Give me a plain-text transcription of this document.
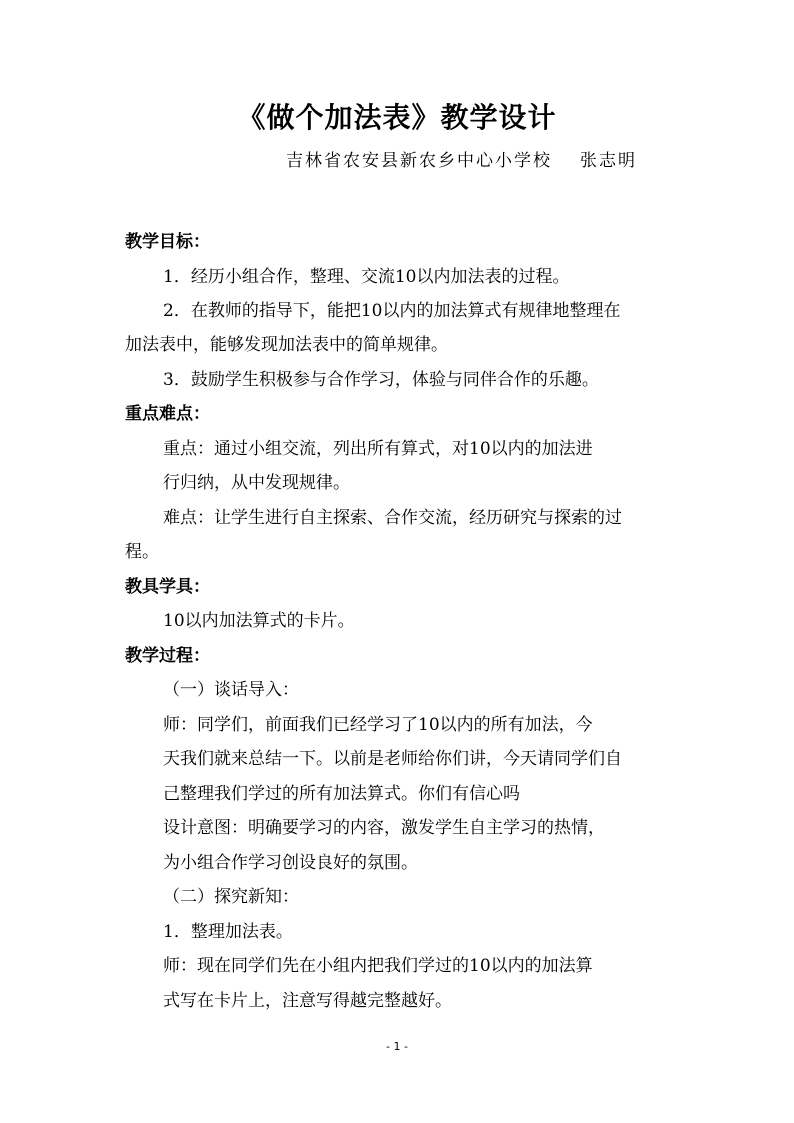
《做个加法表》教学设计
吉林省农安县新农乡中心小学校 张志明
教学目标：
1．经历小组合作，整理、交流10以内加法表的过程。
2．在教师的指导下，能把10以内的加法算式有规律地整理在
加法表中，能够发现加法表中的简单规律。
3．鼓励学生积极参与合作学习，体验与同伴合作的乐趣。
重点难点：
重点：通过小组交流，列出所有算式，对10以内的加法进
行归纳，从中发现规律。
难点：让学生进行自主探索、合作交流，经历研究与探索的过
程。
教具学具：
10以内加法算式的卡片。
教学过程：
（一）谈话导入：
师：同学们，前面我们已经学习了10以内的所有加法，今
天我们就来总结一下。以前是老师给你们讲，今天请同学们自
己整理我们学过的所有加法算式。你们有信心吗
设计意图：明确要学习的内容，激发学生自主学习的热情，
为小组合作学习创设良好的氛围。
（二）探究新知：
1．整理加法表。
师：现在同学们先在小组内把我们学过的10以内的加法算
式写在卡片上，注意写得越完整越好。
- 1 -
